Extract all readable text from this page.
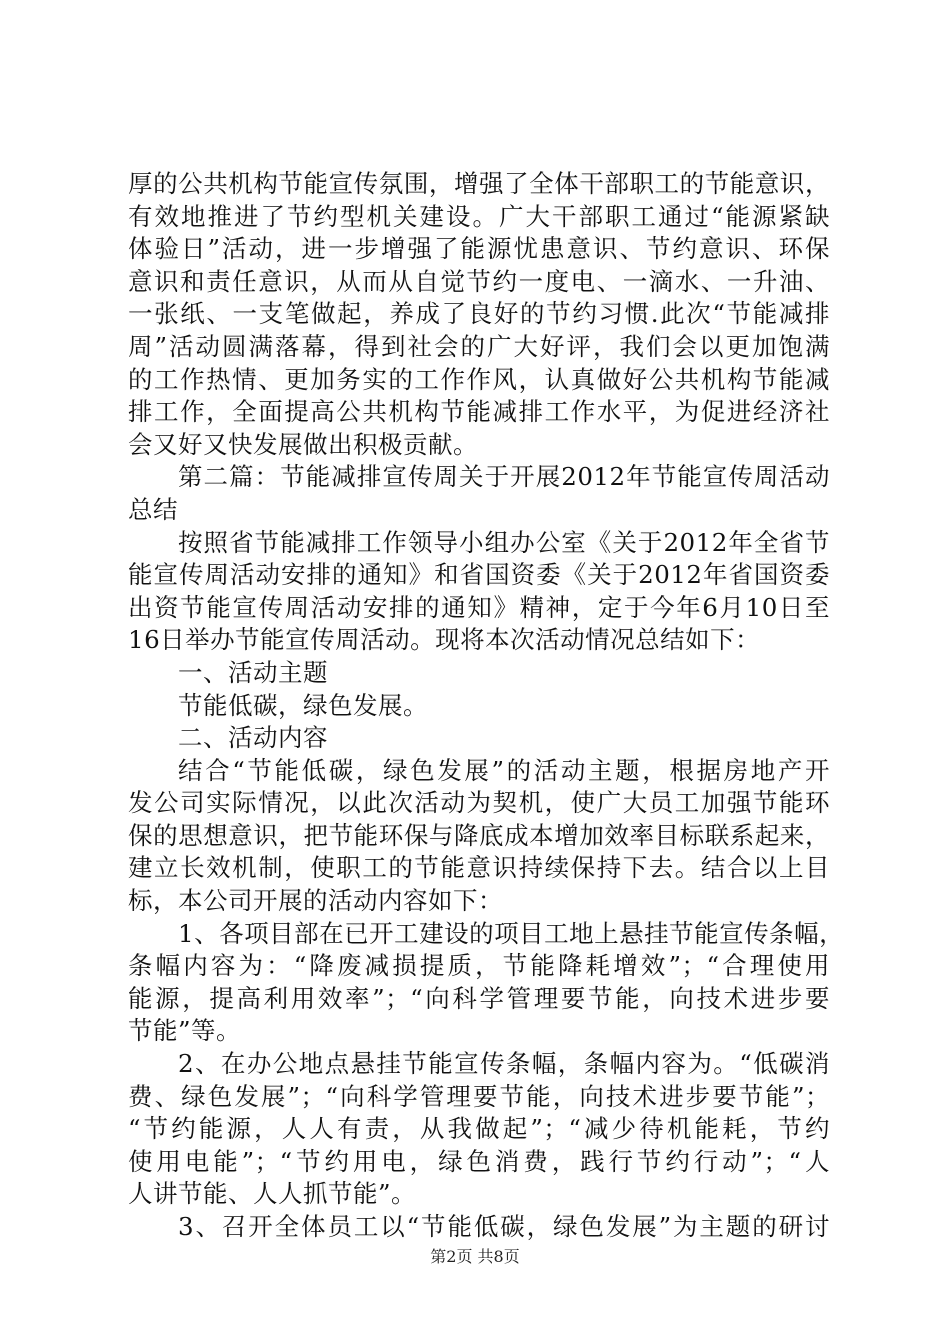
厚的公共机构节能宣传氛围，增强了全体干部职工的节能意识，
有效地推进了节约型机关建设。广大干部职工通过“能源紧缺
体验日”活动，进一步增强了能源忧患意识、节约意识、环保
意识和责任意识，从而从自觉节约一度电、一滴水、一升油、
一张纸、一支笔做起，养成了良好的节约习惯.此次“节能减排
周”活动圆满落幕，得到社会的广大好评，我们会以更加饱满
的工作热情、更加务实的工作作风，认真做好公共机构节能减
排工作，全面提高公共机构节能减排工作水平，为促进经济社
会又好又快发展做出积极贡献。
第二篇：节能减排宣传周关于开展2012年节能宣传周活动
总结
按照省节能减排工作领导小组办公室《关于2012年全省节
能宣传周活动安排的通知》和省国资委《关于2012年省国资委
出资节能宣传周活动安排的通知》精神，定于今年6月10日至
16日举办节能宣传周活动。现将本次活动情况总结如下：
一、活动主题
节能低碳，绿色发展。
二、活动内容
结合“节能低碳，绿色发展”的活动主题，根据房地产开
发公司实际情况，以此次活动为契机，使广大员工加强节能环
保的思想意识，把节能环保与降底成本增加效率目标联系起来，
建立长效机制，使职工的节能意识持续保持下去。结合以上目
标，本公司开展的活动内容如下：
1、各项目部在已开工建设的项目工地上悬挂节能宣传条幅，
条幅内容为：“降废减损提质，节能降耗增效”；“合理使用
能源，提高利用效率”；“向科学管理要节能，向技术进步要
节能”等。
2、在办公地点悬挂节能宣传条幅，条幅内容为。“低碳消
费、绿色发展”；“向科学管理要节能，向技术进步要节能”；
“节约能源，人人有责，从我做起”；“减少待机能耗，节约
使用电能”；“节约用电，绿色消费，践行节约行动”；“人
人讲节能、人人抓节能”。
3、召开全体员工以“节能低碳，绿色发展”为主题的研讨
第2页 共8页
